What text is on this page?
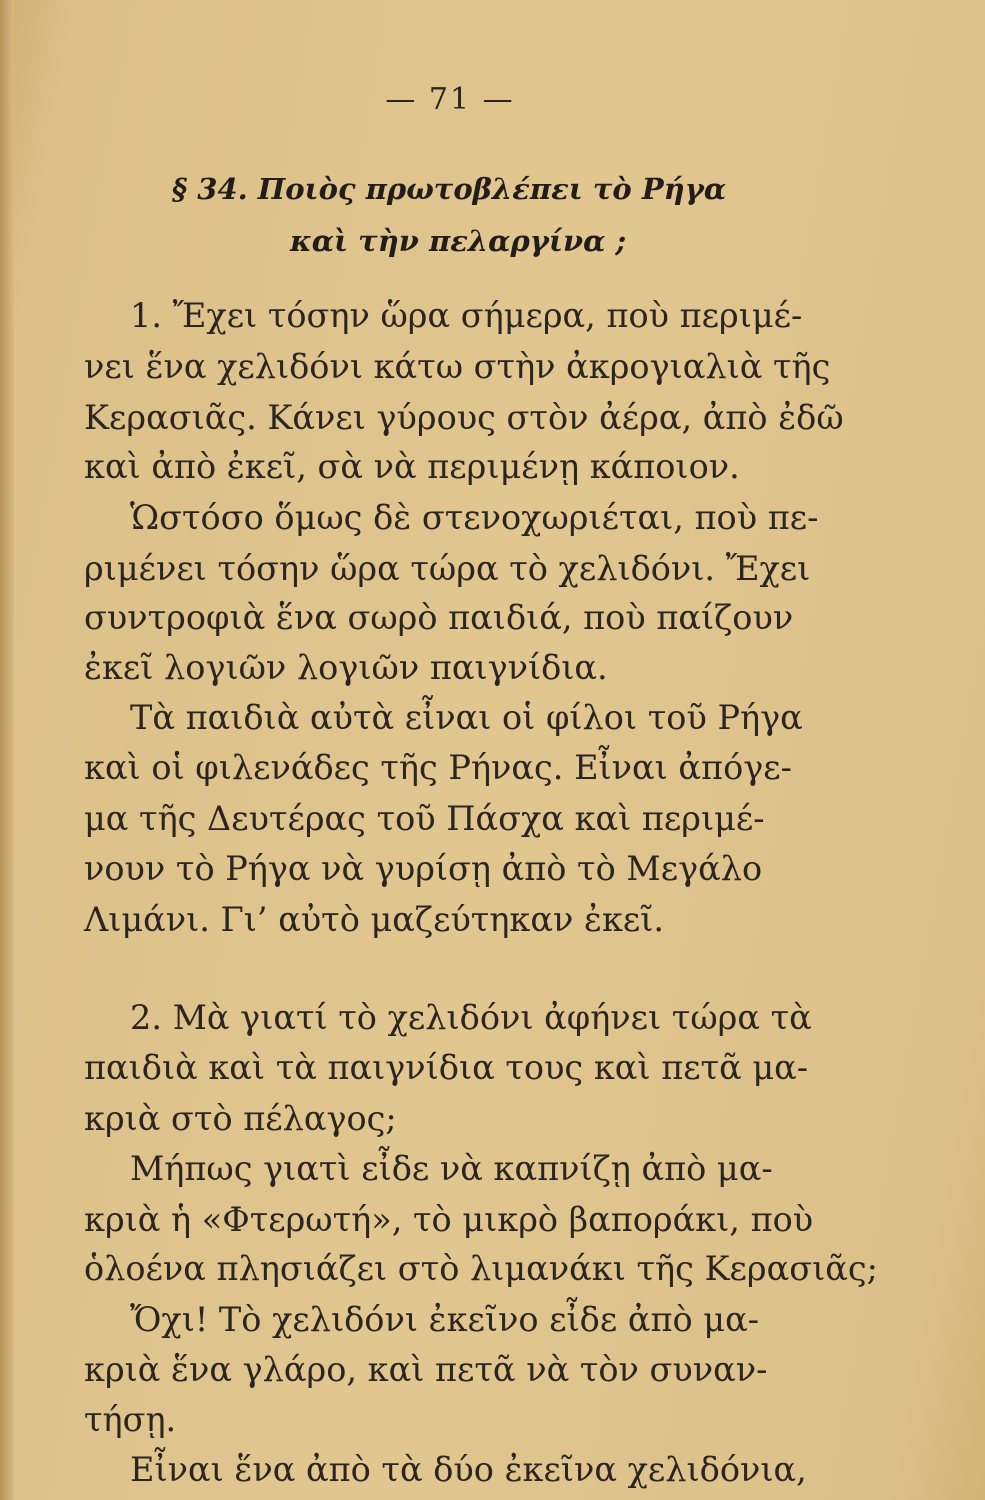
— 71 —
§ 34. Ποιὸς πρωτοβλέπει τὸ Ρήγα
καὶ τὴν πελαργίνα ;
1. Ἔχει τόσην ὥρα σήμερα, ποὺ περιμέ-
νει ἕνα χελιδόνι κάτω στὴν ἀκρογιαλιὰ τῆς
Κερασιᾶς. Κάνει γύρους στὸν ἀέρα, ἀπὸ ἐδῶ
καὶ ἀπὸ ἐκεῖ, σὰ νὰ περιμένῃ κάποιον.
Ὡστόσο ὅμως δὲ στενοχωριέται, ποὺ πε-
ριμένει τόσην ὥρα τώρα τὸ χελιδόνι. Ἔχει
συντροφιὰ ἕνα σωρὸ παιδιά, ποὺ παίζουν
ἐκεῖ λογιῶν λογιῶν παιγνίδια.
Τὰ παιδιὰ αὐτὰ εἶναι οἱ φίλοι τοῦ Ρήγα
καὶ οἱ φιλενάδες τῆς Ρήνας. Εἶναι ἀπόγε-
μα τῆς Δευτέρας τοῦ Πάσχα καὶ περιμέ-
νουν τὸ Ρήγα νὰ γυρίσῃ ἀπὸ τὸ Μεγάλο
Λιμάνι. Γι’ αὐτὸ μαζεύτηκαν ἐκεῖ.
2. Μὰ γιατί τὸ χελιδόνι ἀφήνει τώρα τὰ
παιδιὰ καὶ τὰ παιγνίδια τους καὶ πετᾶ μα-
κριὰ στὸ πέλαγος;
Μήπως γιατὶ εἶδε νὰ καπνίζῃ ἀπὸ μα-
κριὰ ἡ «Φτερωτή», τὸ μικρὸ βαποράκι, ποὺ
ὁλοένα πλησιάζει στὸ λιμανάκι τῆς Κερασιᾶς;
Ὄχι! Τὸ χελιδόνι ἐκεῖνο εἶδε ἀπὸ μα-
κριὰ ἕνα γλάρο, καὶ πετᾶ νὰ τὸν συναν-
τήσῃ.
Εἶναι ἕνα ἀπὸ τὰ δύο ἐκεῖνα χελιδόνια,
